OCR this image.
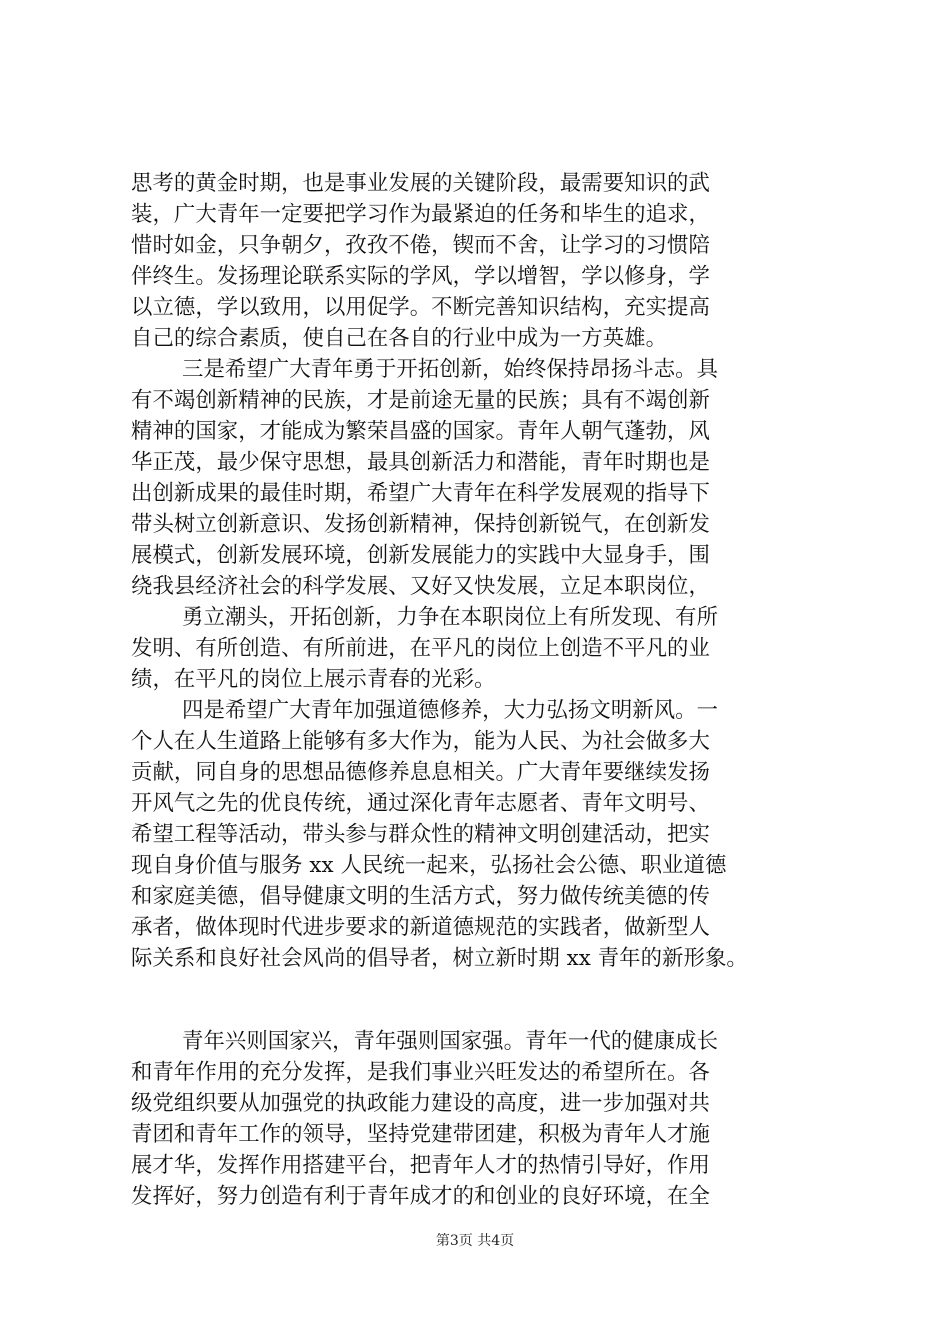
思考的黄金时期，也是事业发展的关键阶段，最需要知识的武
装，广大青年一定要把学习作为最紧迫的任务和毕生的追求，
惜时如金，只争朝夕，孜孜不倦，锲而不舍，让学习的习惯陪
伴终生。发扬理论联系实际的学风，学以增智，学以修身，学
以立德，学以致用，以用促学。不断完善知识结构，充实提高
自己的综合素质，使自己在各自的行业中成为一方英雄。
三是希望广大青年勇于开拓创新，始终保持昂扬斗志。具
有不竭创新精神的民族，才是前途无量的民族；具有不竭创新
精神的国家，才能成为繁荣昌盛的国家。青年人朝气蓬勃，风
华正茂，最少保守思想，最具创新活力和潜能，青年时期也是
出创新成果的最佳时期，希望广大青年在科学发展观的指导下
带头树立创新意识、发扬创新精神，保持创新锐气，在创新发
展模式，创新发展环境，创新发展能力的实践中大显身手，围
绕我县经济社会的科学发展、又好又快发展，立足本职岗位，
勇立潮头，开拓创新，力争在本职岗位上有所发现、有所
发明、有所创造、有所前进，在平凡的岗位上创造不平凡的业
绩，在平凡的岗位上展示青春的光彩。
四是希望广大青年加强道德修养，大力弘扬文明新风。一
个人在人生道路上能够有多大作为，能为人民、为社会做多大
贡献，同自身的思想品德修养息息相关。广大青年要继续发扬
开风气之先的优良传统，通过深化青年志愿者、青年文明号、
希望工程等活动，带头参与群众性的精神文明创建活动，把实
现自身价值与服务 xx 人民统一起来，弘扬社会公德、职业道德
和家庭美德，倡导健康文明的生活方式，努力做传统美德的传
承者，做体现时代进步要求的新道德规范的实践者，做新型人
际关系和良好社会风尚的倡导者，树立新时期 xx 青年的新形象。
青年兴则国家兴，青年强则国家强。青年一代的健康成长
和青年作用的充分发挥，是我们事业兴旺发达的希望所在。各
级党组织要从加强党的执政能力建设的高度，进一步加强对共
青团和青年工作的领导，坚持党建带团建，积极为青年人才施
展才华，发挥作用搭建平台，把青年人才的热情引导好，作用
发挥好，努力创造有利于青年成才的和创业的良好环境，在全
第3页 共4页
